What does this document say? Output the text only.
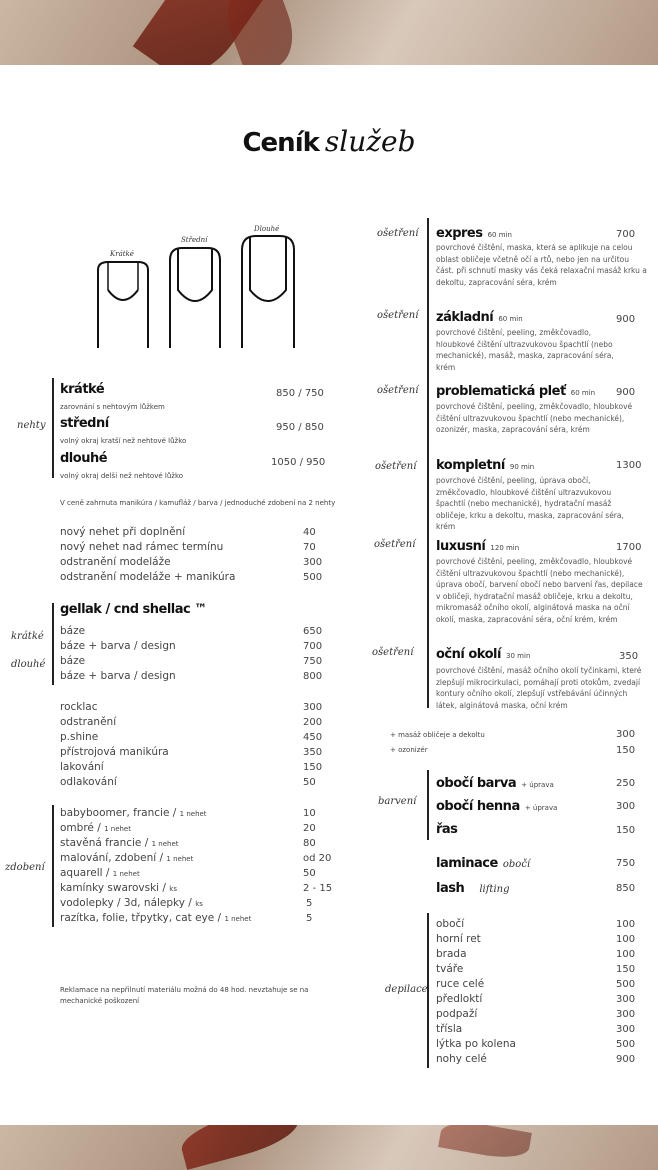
Ceník služeb
Krátké
Střední
Dlouhé
nehty
krátké
zarovnání s nehtovým lůžkem
850 / 750
střední
volný okraj kratší než nehtové lůžko
950 / 850
dlouhé
volný okraj delší než nehtové lůžko
1050 / 950
V ceně zahrnuta manikúra / kamufláž / barva / jednoduché zdobení na 2 nehty
nový nehet při doplnění	40
nový nehet nad rámec termínu	70
odstranění modeláže	300
odstranění modeláže + manikúra	500
gellak / cnd shellac ™
krátké
dlouhé
báze	650
báze + barva / design	700
báze	750
báze + barva / design	800
rocklac	300
odstranění	200
p.shine	450
přístrojová manikúra	350
lakování	150
odlakování	50
zdobení
babyboomer, francie / 1 nehet	10
ombré / 1 nehet	20
stavěná francie / 1 nehet	80
malování, zdobení / 1 nehet	od 20
aquarell / 1 nehet	50
kamínky swarovski / ks	2 - 15
vodolepky / 3d, nálepky / ks	5
razítka, folie, třpytky, cat eye / 1 nehet	5
Reklamace na nepřilnutí materiálu možná do 48 hod. nevztahuje se na mechanické poškození
ošetření expres 60 min	700
povrchové čištění, maska, která se aplikuje na celou oblast obličeje včetně očí a rtů, nebo jen na určitou část. při schnutí masky vás čeká relaxační masáž krku a dekoltu, zapracování séra, krém
ošetření základní 60 min	900
povrchové čištění, peeling, změkčovadlo, hloubkové čištění ultrazvukovou špachtlí (nebo mechanické), masáž, maska, zapracování séra, krém
ošetření problematická pleť 60 min 900
povrchové čištění, peeling, změkčovadlo, hloubkové čištění ultrazvukovou špachtlí (nebo mechanické), ozonizér, maska, zapracování séra, krém
ošetření kompletní 90 min	1300
povrchové čištění, peeling, úprava obočí, změkčovadlo, hloubkové čištění ultrazvukovou špachtlí (nebo mechanické), hydratační masáž obličeje, krku a dekoltu, maska, zapracování séra, krém
ošetření luxusní 120 min	1700
povrchové čištění, peeling, změkčovadlo, hloubkové čištění ultrazvukovou špachtlí (nebo mechanické), úprava obočí, barvení obočí nebo barvení řas, depilace v obličeji, hydratační masáž obličeje, krku a dekoltu, mikromasáž očního okolí, alginátová maska na oční okolí, maska, zapracování séra, oční krém, krém
ošetření oční okolí 30 min	350
povrchové čištění, masáž očního okolí tyčinkami, které zlepšují mikrocirkulaci, pomáhají proti otokům, zvedají kontury očního okolí, zlepšují vstřebávání účinných látek, alginátová maska, oční krém
+ masáž obličeje a dekoltu	300
+ ozonizér	150
barvení
obočí barva + úprava	250
obočí henna + úprava	300
řas	150
laminace obočí	750
lash lifting	850
depilace
obočí	100
horní ret	100
brada	100
tváře	150
ruce celé	500
předloktí	300
podpaží	300
třísla	300
lýtka po kolena	500
nohy celé	900
